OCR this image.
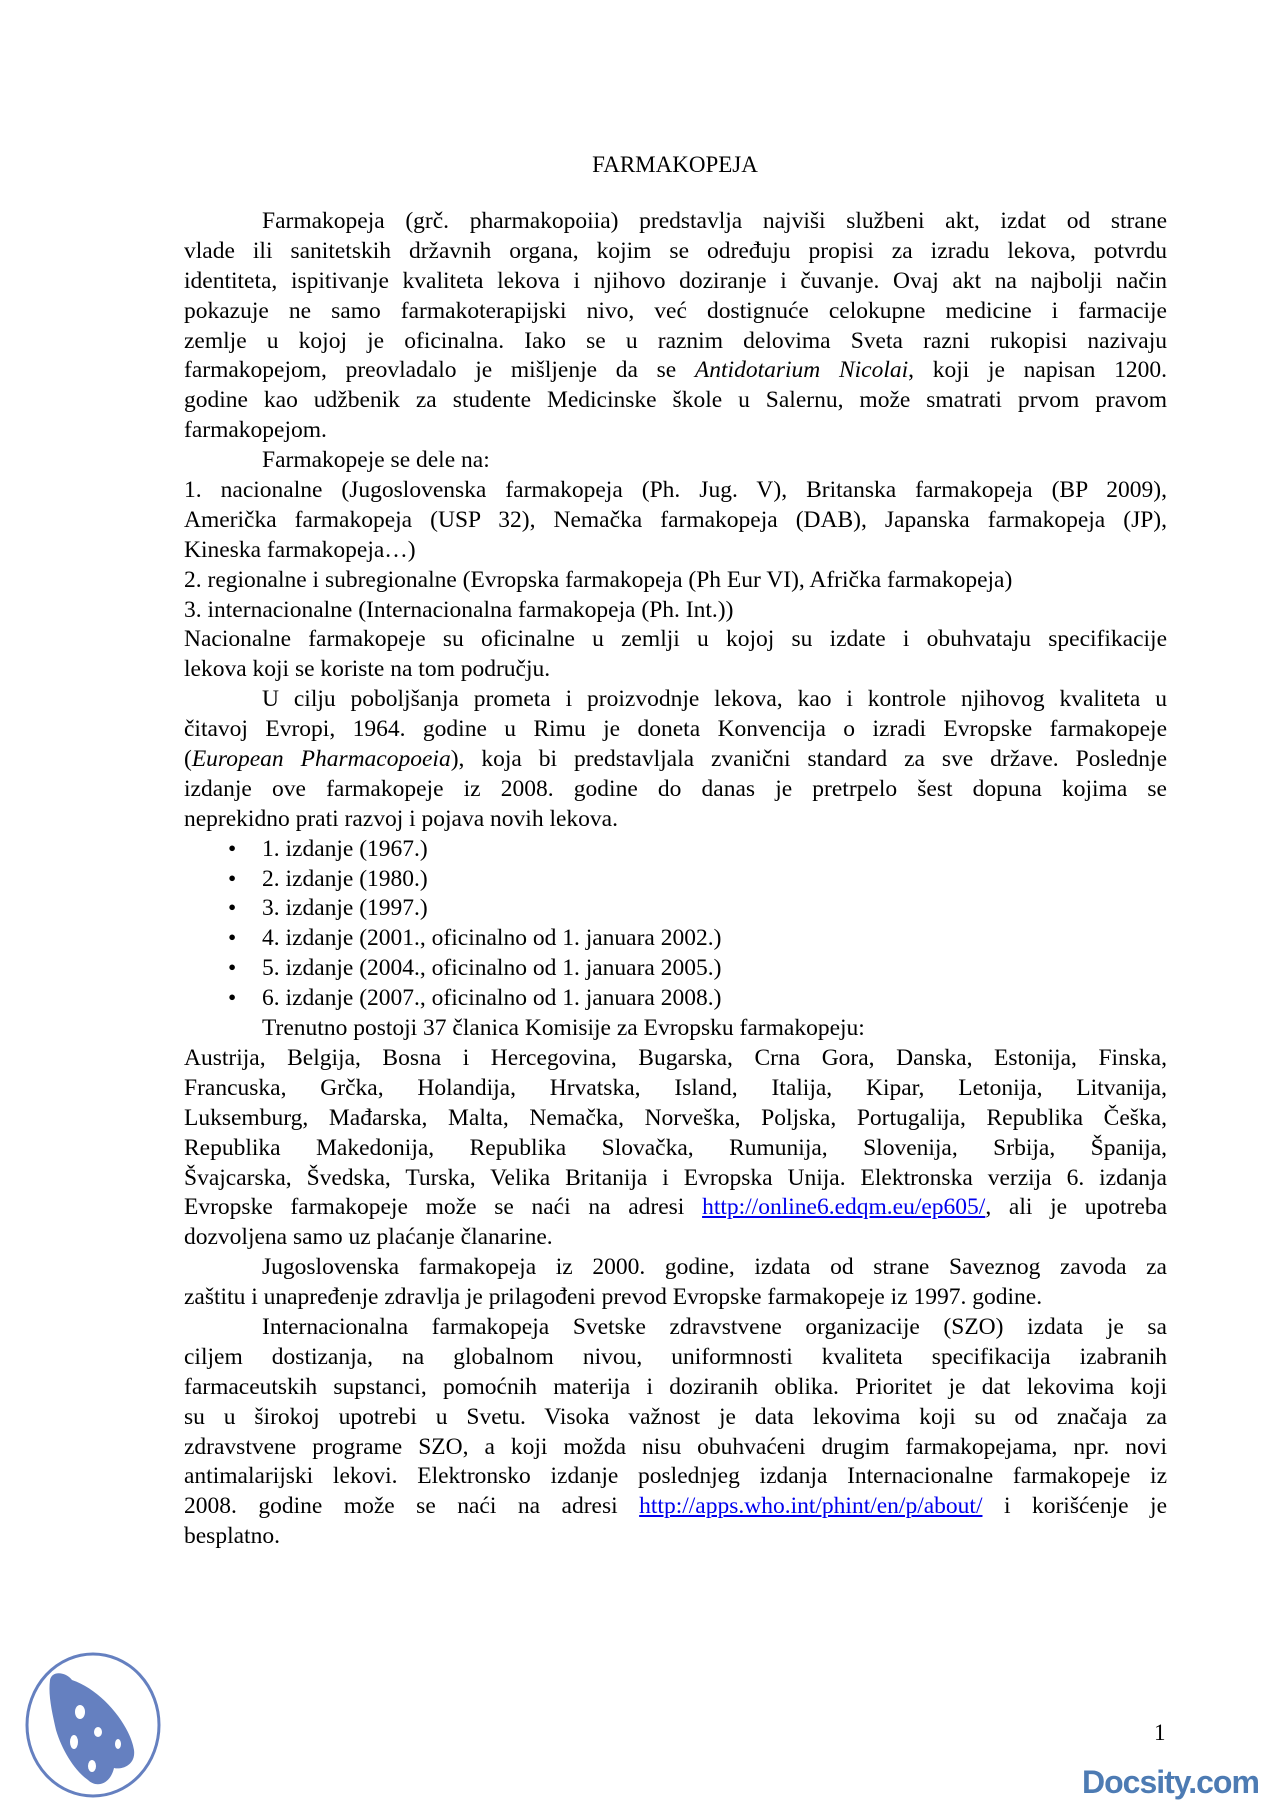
FARMAKOPEJA
Farmakopeja (grč. pharmakopoiia) predstavlja najviši službeni akt, izdat od strane
vlade ili sanitetskih državnih organa, kojim se određuju propisi za izradu lekova, potvrdu
identiteta, ispitivanje kvaliteta lekova i njihovo doziranje i čuvanje. Ovaj akt na najbolji način
pokazuje ne samo farmakoterapijski nivo, već dostignuće celokupne medicine i farmacije
zemlje u kojoj je oficinalna. Iako se u raznim delovima Sveta razni rukopisi nazivaju
farmakopejom, preovladalo je mišljenje da se Antidotarium Nicolai, koji je napisan 1200.
godine kao udžbenik za studente Medicinske škole u Salernu, može smatrati prvom pravom
farmakopejom.
Farmakopeje se dele na:
1. nacionalne (Jugoslovenska farmakopeja (Ph. Jug. V), Britanska farmakopeja (BP 2009),
Američka farmakopeja (USP 32), Nemačka farmakopeja (DAB), Japanska farmakopeja (JP),
Kineska farmakopeja…)
2. regionalne i subregionalne (Evropska farmakopeja (Ph Eur VI), Afrička farmakopeja)
3. internacionalne (Internacionalna farmakopeja (Ph. Int.))
Nacionalne farmakopeje su oficinalne u zemlji u kojoj su izdate i obuhvataju specifikacije
lekova koji se koriste na tom području.
U cilju poboljšanja prometa i proizvodnje lekova, kao i kontrole njihovog kvaliteta u
čitavoj Evropi, 1964. godine u Rimu je doneta Konvencija o izradi Evropske farmakopeje
(European Pharmacopoeia), koja bi predstavljala zvanični standard za sve države. Poslednje
izdanje ove farmakopeje iz 2008. godine do danas je pretrpelo šest dopuna kojima se
neprekidno prati razvoj i pojava novih lekova.
• 1. izdanje (1967.)
• 2. izdanje (1980.)
• 3. izdanje (1997.)
• 4. izdanje (2001., oficinalno od 1. januara 2002.)
• 5. izdanje (2004., oficinalno od 1. januara 2005.)
• 6. izdanje (2007., oficinalno od 1. januara 2008.)
Trenutno postoji 37 članica Komisije za Evropsku farmakopeju:
Austrija, Belgija, Bosna i Hercegovina, Bugarska, Crna Gora, Danska, Estonija, Finska,
Francuska, Grčka, Holandija, Hrvatska, Island, Italija, Kipar, Letonija, Litvanija,
Luksemburg, Mađarska, Malta, Nemačka, Norveška, Poljska, Portugalija, Republika Češka,
Republika Makedonija, Republika Slovačka, Rumunija, Slovenija, Srbija, Španija,
Švajcarska, Švedska, Turska, Velika Britanija i Evropska Unija. Elektronska verzija 6. izdanja
Evropske farmakopeje može se naći na adresi http://online6.edqm.eu/ep605/, ali je upotreba
dozvoljena samo uz plaćanje članarine.
Jugoslovenska farmakopeja iz 2000. godine, izdata od strane Saveznog zavoda za
zaštitu i unapređenje zdravlja je prilagođeni prevod Evropske farmakopeje iz 1997. godine.
Internacionalna farmakopeja Svetske zdravstvene organizacije (SZO) izdata je sa
ciljem dostizanja, na globalnom nivou, uniformnosti kvaliteta specifikacija izabranih
farmaceutskih supstanci, pomoćnih materija i doziranih oblika. Prioritet je dat lekovima koji
su u širokoj upotrebi u Svetu. Visoka važnost je data lekovima koji su od značaja za
zdravstvene programe SZO, a koji možda nisu obuhvaćeni drugim farmakopejama, npr. novi
antimalarijski lekovi. Elektronsko izdanje poslednjeg izdanja Internacionalne farmakopeje iz
2008. godine može se naći na adresi http://apps.who.int/phint/en/p/about/ i korišćenje je
besplatno.
1
Docsity.com
